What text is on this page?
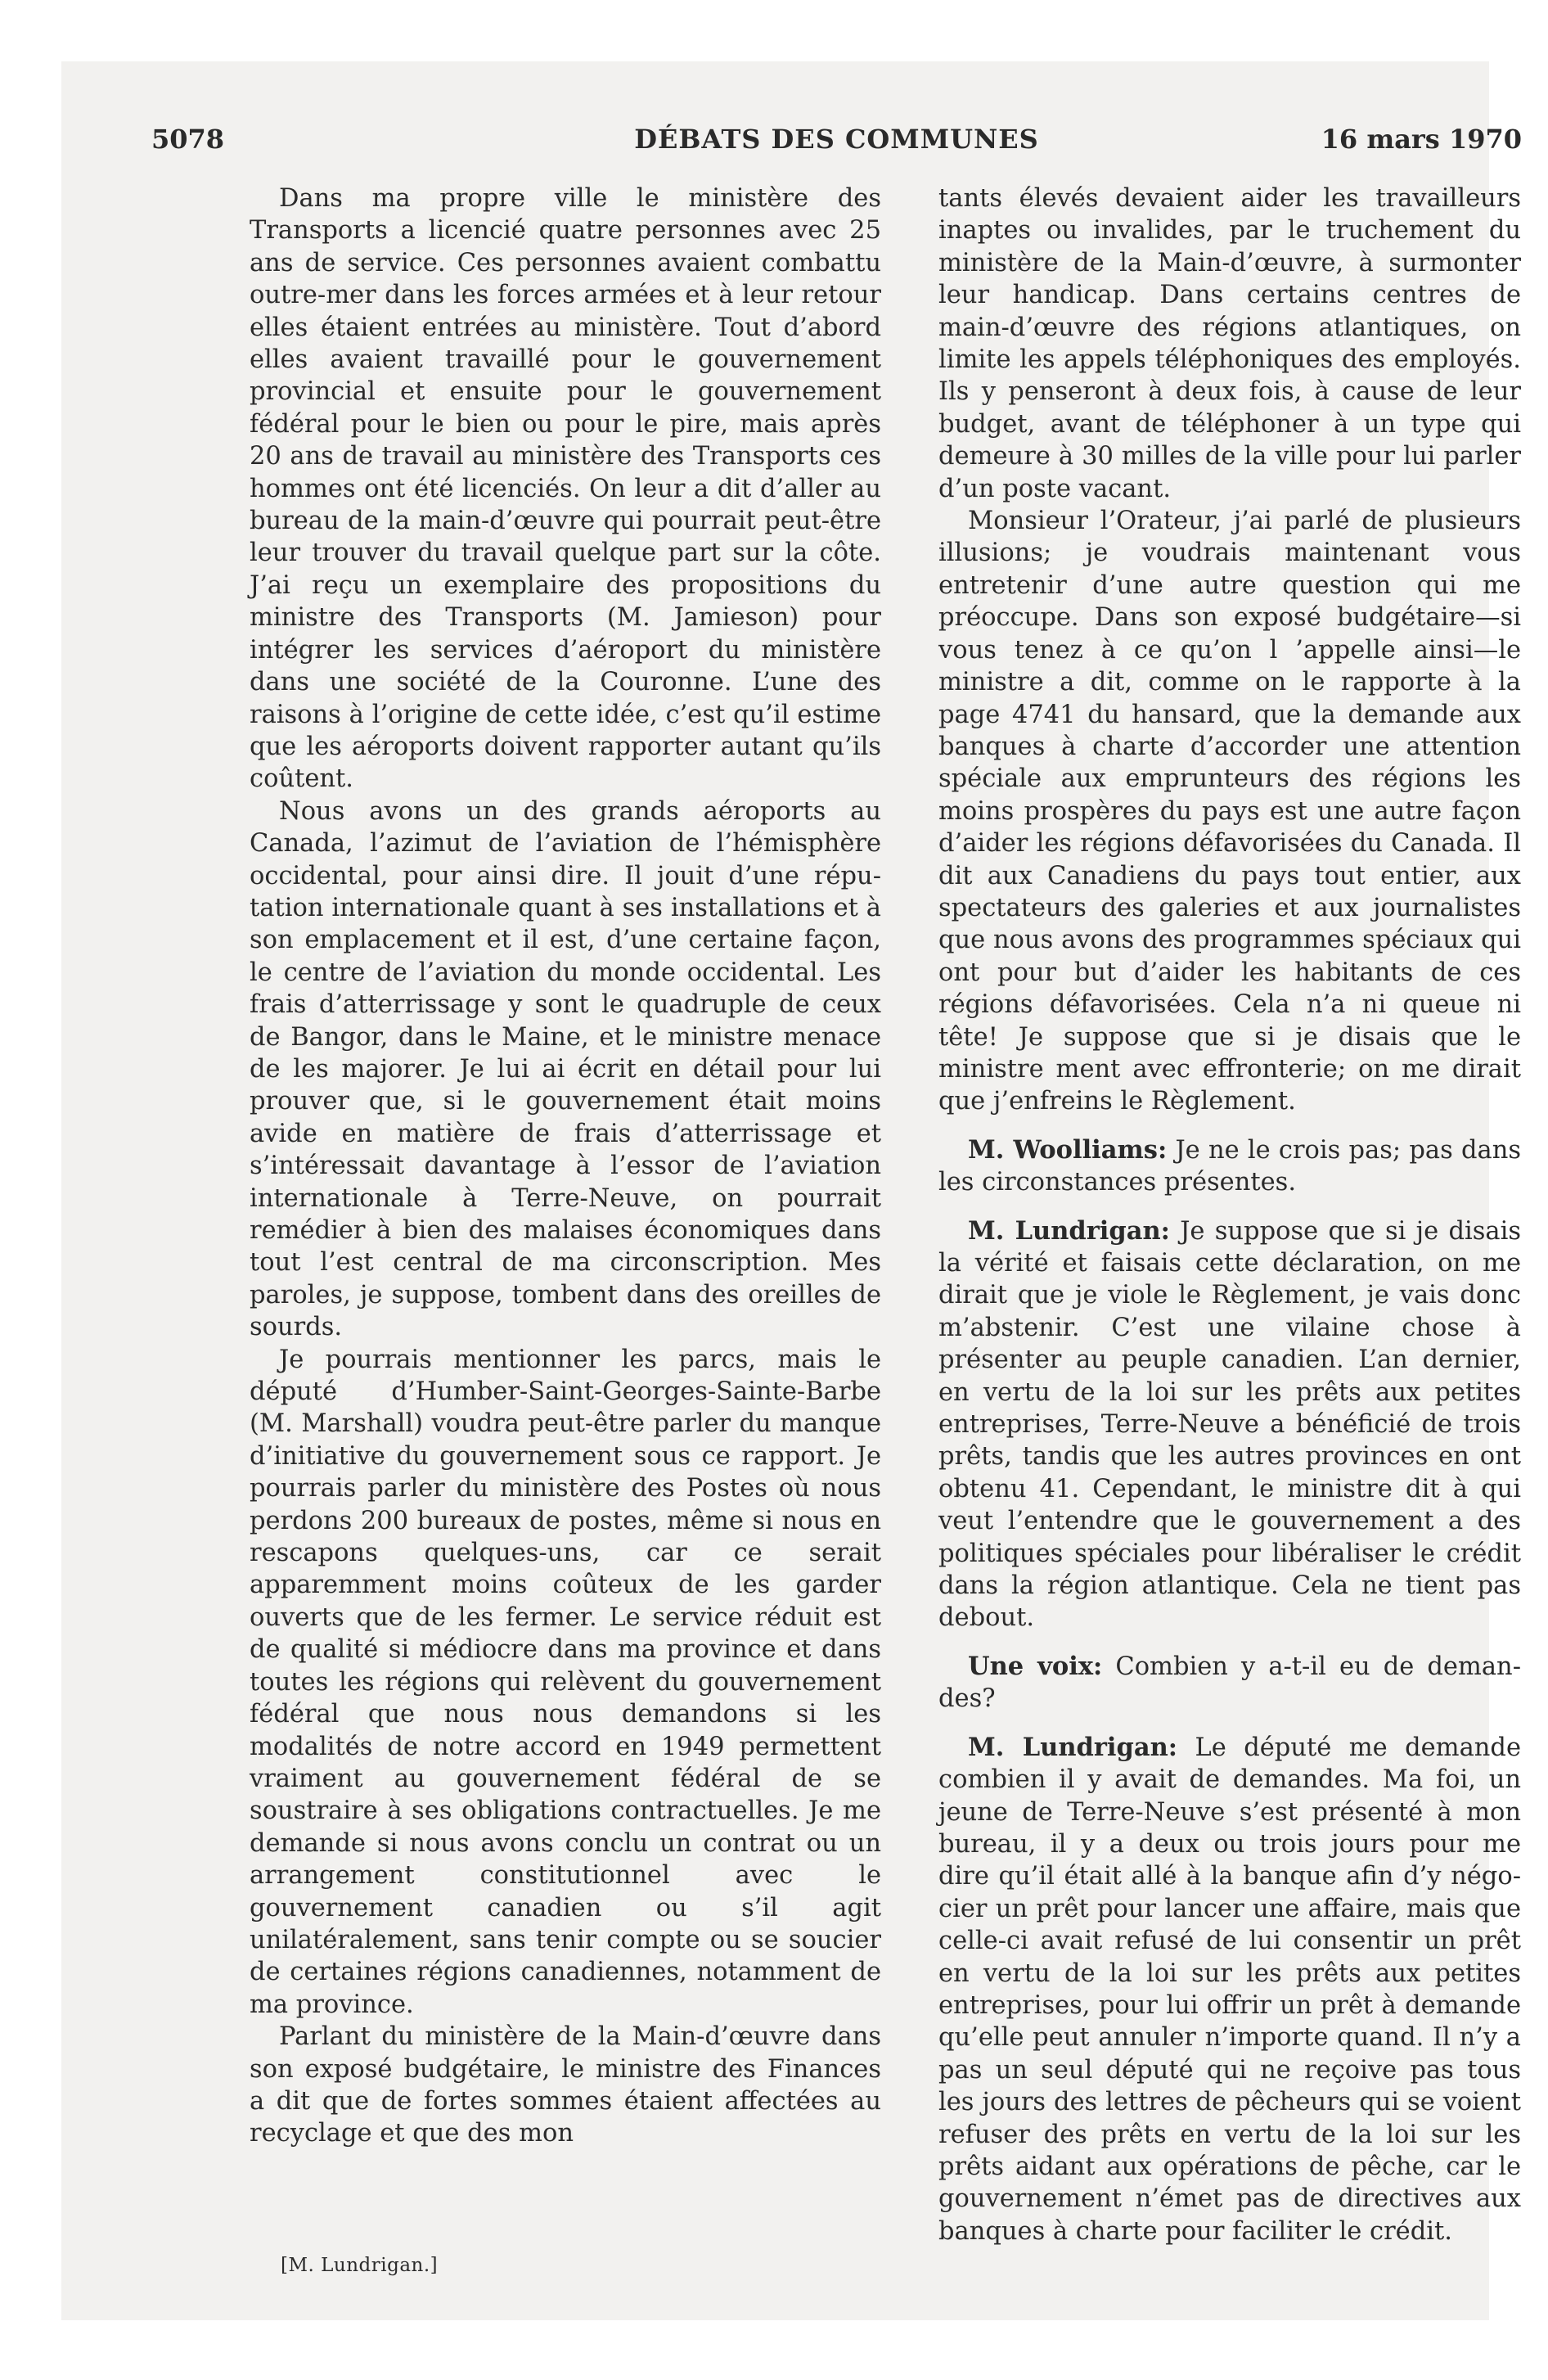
5078	DÉBATS DES COMMUNES	16 mars 1970

Dans ma propre ville le ministère des Transports a licencié quatre personnes avec 25 ans de service. Ces personnes avaient combattu outre-mer dans les forces armées et à leur retour elles étaient entrées au ministère. Tout d’abord elles avaient travaillé pour le gouvernement provincial et ensuite pour le gouvernement fédéral pour le bien ou pour le pire, mais après 20 ans de travail au ministère des Transports ces hommes ont été licenciés. On leur a dit d’aller au bureau de la main-d’œuvre qui pourrait peut-être leur trouver du travail quelque part sur la côte. J’ai reçu un exemplaire des propositions du ministre des Transports (M. Jamieson) pour intégrer les services d’aéroport du ministère dans une société de la Couronne. L’une des raisons à l’origine de cette idée, c’est qu’il estime que les aéroports doivent rapporter autant qu’ils coûtent.

Nous avons un des grands aéroports au Canada, l’azimut de l’aviation de l’hémisphère occidental, pour ainsi dire. Il jouit d’une réputation internationale quant à ses installations et à son emplacement et il est, d’une certaine façon, le centre de l’aviation du monde occidental. Les frais d’atterrissage y sont le quadruple de ceux de Bangor, dans le Maine, et le ministre menace de les majorer. Je lui ai écrit en détail pour lui prouver que, si le gouvernement était moins avide en matière de frais d’atterrissage et s’intéressait davantage à l’essor de l’aviation internationale à Terre-Neuve, on pourrait remédier à bien des malaises économiques dans tout l’est central de ma circonscription. Mes paroles, je suppose, tombent dans des oreilles de sourds.

Je pourrais mentionner les parcs, mais le député d’Humber-Saint-Georges-Sainte-Barbe (M. Marshall) voudra peut-être parler du manque d’initiative du gouvernement sous ce rapport. Je pourrais parler du ministère des Postes où nous perdons 200 bureaux de postes, même si nous en rescapons quelques-uns, car ce serait apparemment moins coûteux de les garder ouverts que de les fermer. Le service réduit est de qualité si médiocre dans ma province et dans toutes les régions qui relèvent du gouvernement fédéral que nous nous demandons si les modalités de notre accord en 1949 permettent vraiment au gouvernement fédéral de se soustraire à ses obligations contractuelles. Je me demande si nous avons conclu un contrat ou un arrangement constitutionnel avec le gouvernement canadien ou s’il agit unilatéralement, sans tenir compte ou se soucier de certaines régions canadiennes, notamment de ma province.

Parlant du ministère de la Main-d’œuvre dans son exposé budgétaire, le ministre des Finances a dit que de fortes sommes étaient affectées au recyclage et que des mon

tants élevés devaient aider les travailleurs inaptes ou invalides, par le truchement du ministère de la Main-d’œuvre, à surmonter leur handicap. Dans certains centres de main-d’œuvre des régions atlantiques, on limite les appels téléphoniques des employés. Ils y penseront à deux fois, à cause de leur budget, avant de téléphoner à un type qui demeure à 30 milles de la ville pour lui parler d’un poste vacant.

Monsieur l’Orateur, j’ai parlé de plusieurs illusions; je voudrais maintenant vous entretenir d’une autre question qui me préoccupe. Dans son exposé budgétaire—si vous tenez à ce qu’on l ’appelle ainsi—le ministre a dit, comme on le rapporte à la page 4741 du hansard, que la demande aux banques à charte d’accorder une attention spéciale aux emprunteurs des régions les moins prospères du pays est une autre façon d’aider les régions défavorisées du Canada. Il dit aux Canadiens du pays tout entier, aux spectateurs des galeries et aux journalistes que nous avons des programmes spéciaux qui ont pour but d’aider les habitants de ces régions défavorisées. Cela n’a ni queue ni tête! Je suppose que si je disais que le ministre ment avec effronterie; on me dirait que j’enfreins le Règlement.

M. Woolliams: Je ne le crois pas; pas dans les circonstances présentes.

M. Lundrigan: Je suppose que si je disais la vérité et faisais cette déclaration, on me dirait que je viole le Règlement, je vais donc m’abstenir. C’est une vilaine chose à présenter au peuple canadien. L’an dernier, en vertu de la loi sur les prêts aux petites entreprises, Terre-Neuve a bénéficié de trois prêts, tandis que les autres provinces en ont obtenu 41. Cependant, le ministre dit à qui veut l’entendre que le gouvernement a des politiques spéciales pour libéraliser le crédit dans la région atlantique. Cela ne tient pas debout.

Une voix: Combien y a-t-il eu de demandes?

M. Lundrigan: Le député me demande combien il y avait de demandes. Ma foi, un jeune de Terre-Neuve s’est présenté à mon bureau, il y a deux ou trois jours pour me dire qu’il était allé à la banque afin d’y négocier un prêt pour lancer une affaire, mais que celle-ci avait refusé de lui consentir un prêt en vertu de la loi sur les prêts aux petites entreprises, pour lui offrir un prêt à demande qu’elle peut annuler n’importe quand. Il n’y a pas un seul député qui ne reçoive pas tous les jours des lettres de pêcheurs qui se voient refuser des prêts en vertu de la loi sur les prêts aidant aux opérations de pêche, car le gouvernement n’émet pas de directives aux banques à charte pour faciliter le crédit.

[M. Lundrigan.]
